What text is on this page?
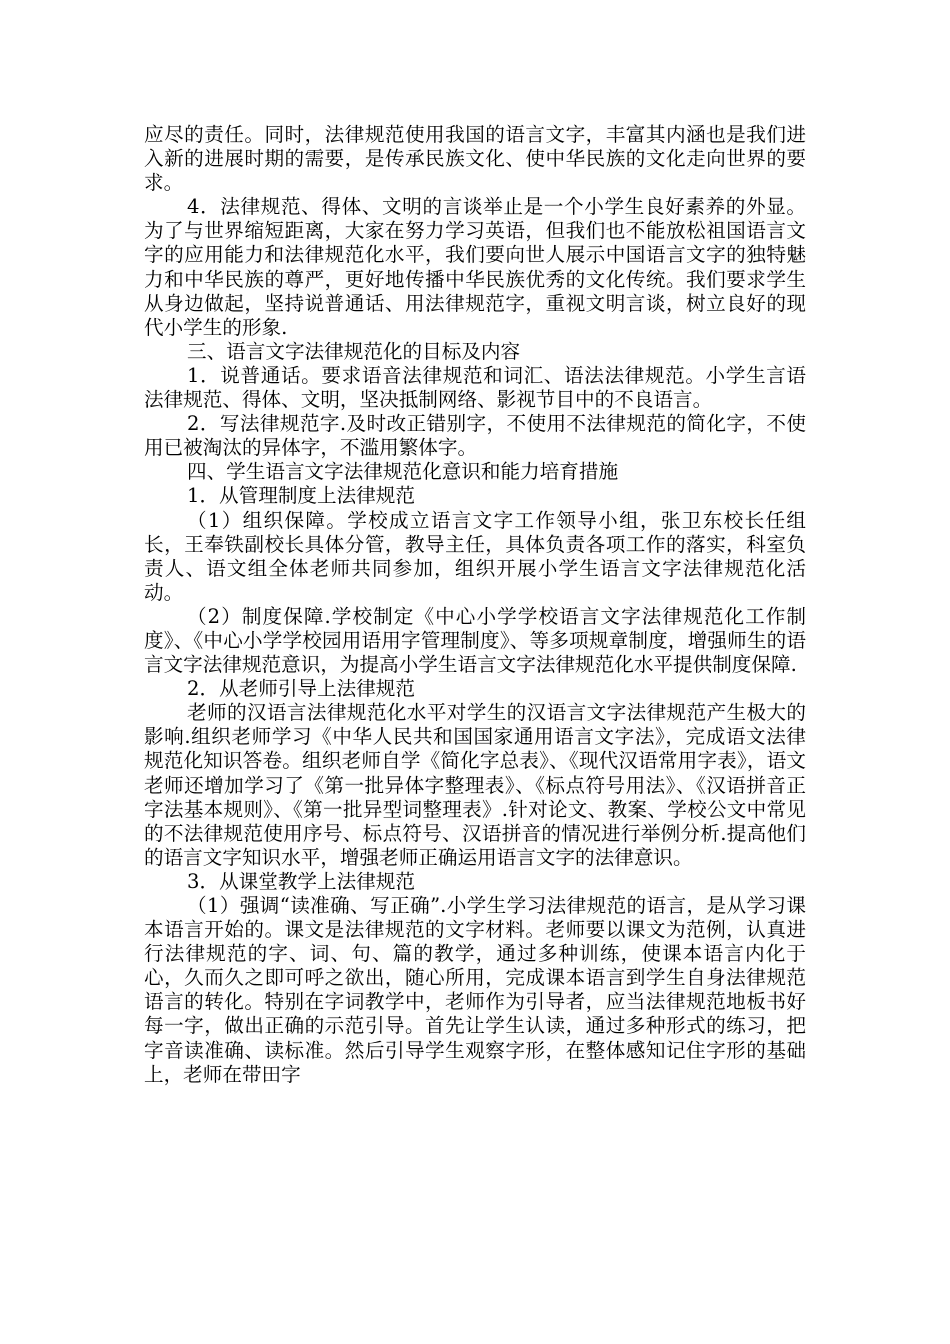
应尽的责任。同时，法律规范使用我国的语言文字，丰富其内涵也是我们进入新的进展时期的需要，是传承民族文化、使中华民族的文化走向世界的要求。

4．法律规范、得体、文明的言谈举止是一个小学生良好素养的外显。为了与世界缩短距离，大家在努力学习英语，但我们也不能放松祖国语言文字的应用能力和法律规范化水平，我们要向世人展示中国语言文字的独特魅力和中华民族的尊严，更好地传播中华民族优秀的文化传统。我们要求学生从身边做起，坚持说普通话、用法律规范字，重视文明言谈，树立良好的现代小学生的形象.

三、语言文字法律规范化的目标及内容

1．说普通话。要求语音法律规范和词汇、语法法律规范。小学生言语法律规范、得体、文明，坚决抵制网络、影视节目中的不良语言。

2．写法律规范字.及时改正错别字，不使用不法律规范的简化字，不使用已被淘汰的异体字，不滥用繁体字。

四、学生语言文字法律规范化意识和能力培育措施

1．从管理制度上法律规范

（1）组织保障。学校成立语言文字工作领导小组，张卫东校长任组长，王奉铁副校长具体分管，教导主任，具体负责各项工作的落实，科室负责人、语文组全体老师共同参加，组织开展小学生语言文字法律规范化活动。

（2）制度保障.学校制定《中心小学学校语言文字法律规范化工作制度》、《中心小学学校园用语用字管理制度》、等多项规章制度，增强师生的语言文字法律规范意识，为提高小学生语言文字法律规范化水平提供制度保障.

2．从老师引导上法律规范

老师的汉语言法律规范化水平对学生的汉语言文字法律规范产生极大的影响.组织老师学习《中华人民共和国国家通用语言文字法》，完成语文法律规范化知识答卷。组织老师自学《简化字总表》、《现代汉语常用字表》，语文老师还增加学习了《第一批异体字整理表》、《标点符号用法》、《汉语拼音正字法基本规则》、《第一批异型词整理表》.针对论文、教案、学校公文中常见的不法律规范使用序号、标点符号、汉语拼音的情况进行举例分析.提高他们的语言文字知识水平，增强老师正确运用语言文字的法律意识。

3．从课堂教学上法律规范

（1）强调“读准确、写正确”.小学生学习法律规范的语言，是从学习课本语言开始的。课文是法律规范的文字材料。老师要以课文为范例，认真进行法律规范的字、词、句、篇的教学，通过多种训练，使课本语言内化于心，久而久之即可呼之欲出，随心所用，完成课本语言到学生自身法律规范语言的转化。特别在字词教学中，老师作为引导者，应当法律规范地板书好每一字，做出正确的示范引导。首先让学生认读，通过多种形式的练习，把字音读准确、读标准。然后引导学生观察字形，在整体感知记住字形的基础上，老师在带田字
